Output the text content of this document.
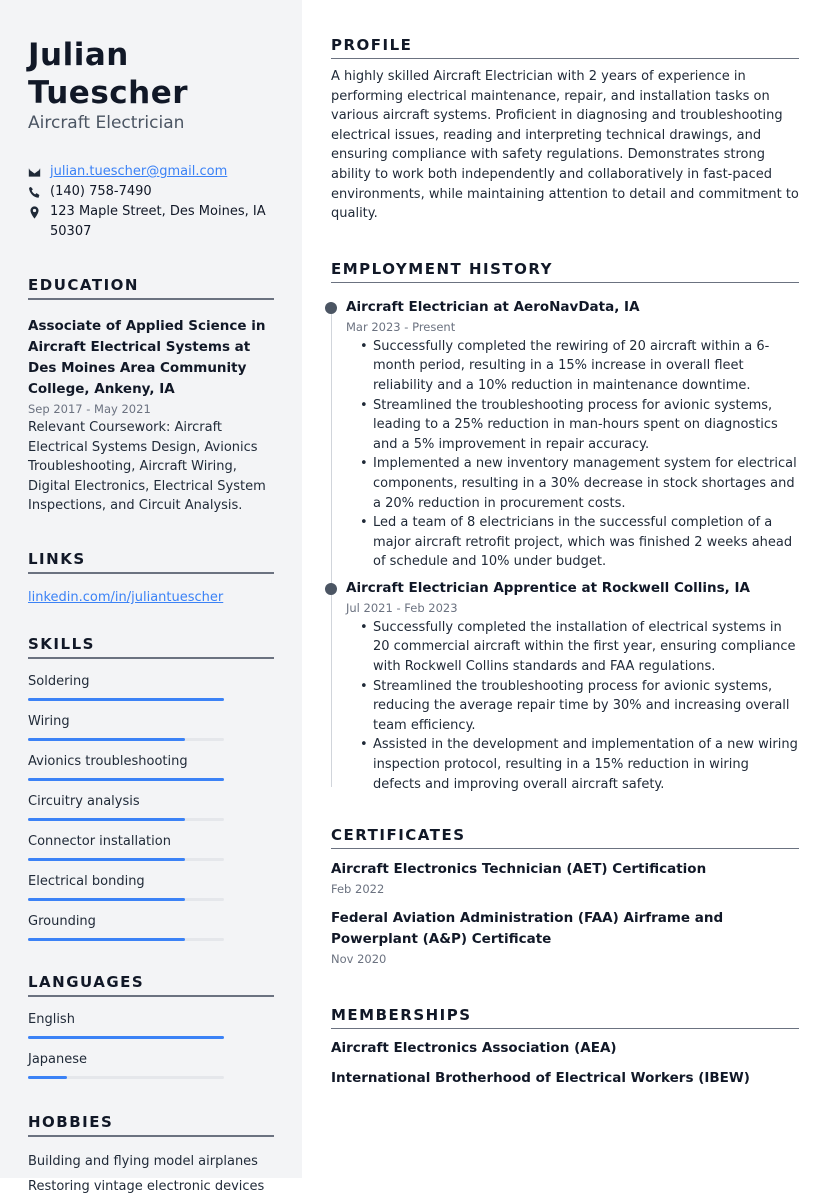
Julian Tuescher
Aircraft Electrician
julian.tuescher@gmail.com
(140) 758-7490
123 Maple Street, Des Moines, IA 50307
EDUCATION
Associate of Applied Science in Aircraft Electrical Systems at Des Moines Area Community College, Ankeny, IA
Sep 2017 - May 2021
Relevant Coursework: Aircraft Electrical Systems Design, Avionics Troubleshooting, Aircraft Wiring, Digital Electronics, Electrical System Inspections, and Circuit Analysis.
LINKS
linkedin.com/in/juliantuescher
SKILLS
Soldering
Wiring
Avionics troubleshooting
Circuitry analysis
Connector installation
Electrical bonding
Grounding
LANGUAGES
English
Japanese
HOBBIES
Building and flying model airplanes
Restoring vintage electronic devices
PROFILE
A highly skilled Aircraft Electrician with 2 years of experience in performing electrical maintenance, repair, and installation tasks on various aircraft systems. Proficient in diagnosing and troubleshooting electrical issues, reading and interpreting technical drawings, and ensuring compliance with safety regulations. Demonstrates strong ability to work both independently and collaboratively in fast-paced environments, while maintaining attention to detail and commitment to quality.
EMPLOYMENT HISTORY
Aircraft Electrician at AeroNavData, IA
Mar 2023 - Present
• Successfully completed the rewiring of 20 aircraft within a 6-month period, resulting in a 15% increase in overall fleet reliability and a 10% reduction in maintenance downtime.
• Streamlined the troubleshooting process for avionic systems, leading to a 25% reduction in man-hours spent on diagnostics and a 5% improvement in repair accuracy.
• Implemented a new inventory management system for electrical components, resulting in a 30% decrease in stock shortages and a 20% reduction in procurement costs.
• Led a team of 8 electricians in the successful completion of a major aircraft retrofit project, which was finished 2 weeks ahead of schedule and 10% under budget.
Aircraft Electrician Apprentice at Rockwell Collins, IA
Jul 2021 - Feb 2023
• Successfully completed the installation of electrical systems in 20 commercial aircraft within the first year, ensuring compliance with Rockwell Collins standards and FAA regulations.
• Streamlined the troubleshooting process for avionic systems, reducing the average repair time by 30% and increasing overall team efficiency.
• Assisted in the development and implementation of a new wiring inspection protocol, resulting in a 15% reduction in wiring defects and improving overall aircraft safety.
CERTIFICATES
Aircraft Electronics Technician (AET) Certification
Feb 2022
Federal Aviation Administration (FAA) Airframe and Powerplant (A&P) Certificate
Nov 2020
MEMBERSHIPS
Aircraft Electronics Association (AEA)
International Brotherhood of Electrical Workers (IBEW)
